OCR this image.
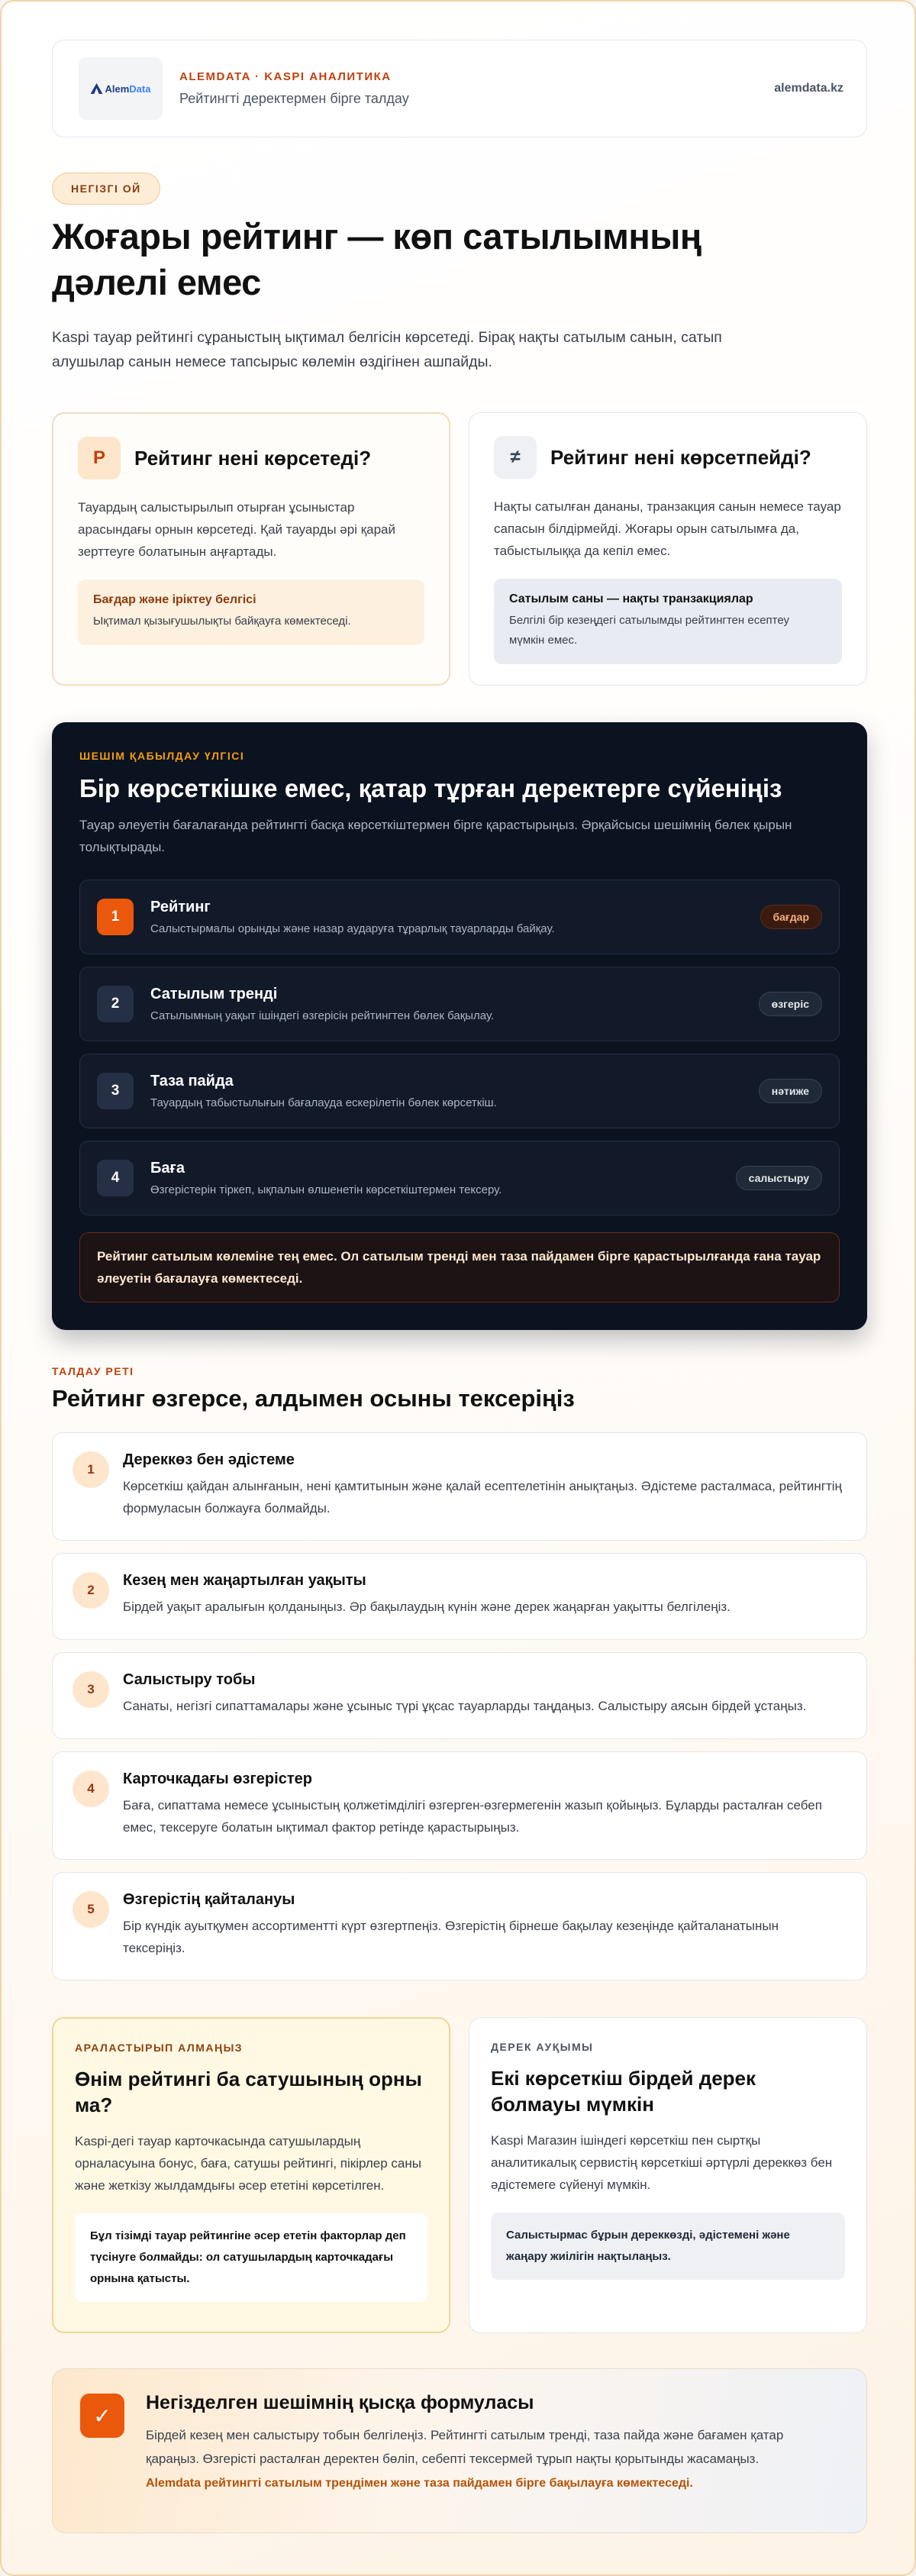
AlemData
ALEMDATA · KASPI АНАЛИТИКА
Рейтингті деректермен бірге талдау
alemdata.kz
НЕГІЗГІ ОЙ
Жоғары рейтинг — көп сатылымның
дәлелі емес
Kaspi тауар рейтингі сұраныстың ықтимал белгісін көрсетеді. Бірақ нақты сатылым санын, сатып алушылар санын немесе тапсырыс көлемін өздігінен ашпайды.
P	Рейтинг нені көрсетеді?
Тауардың салыстырылып отырған ұсыныстар арасындағы орнын көрсетеді. Қай тауарды әрі қарай зерттеуге болатынын аңғартады.
Бағдар және іріктеу белгісі
Ықтимал қызығушылықты байқауға көмектеседі.
≠	Рейтинг нені көрсетпейді?
Нақты сатылған дананы, транзакция санын немесе тауар сапасын білдірмейді. Жоғары орын сатылымға да, табыстылыққа да кепіл емес.
Сатылым саны — нақты транзакциялар
Белгілі бір кезеңдегі сатылымды рейтингтен есептеу мүмкін емес.
ШЕШІМ ҚАБЫЛДАУ ҮЛГІСІ
Бір көрсеткішке емес, қатар тұрған деректерге сүйеніңіз
Тауар әлеуетін бағалағанда рейтингті басқа көрсеткіштермен бірге қарастырыңыз. Әрқайсысы шешімнің бөлек қырын толықтырады.
1
Рейтинг
Салыстырмалы орынды және назар аударуға тұрарлық тауарларды байқау.
бағдар
2
Сатылым тренді
Сатылымның уақыт ішіндегі өзгерісін рейтингтен бөлек бақылау.
өзгеріс
3
Таза пайда
Тауардың табыстылығын бағалауда ескерілетін бөлек көрсеткіш.
нәтиже
4
Баға
Өзгерістерін тіркеп, ықпалын өлшенетін көрсеткіштермен тексеру.
салыстыру
Рейтинг сатылым көлеміне тең емес. Ол сатылым тренді мен таза пайдамен бірге қарастырылғанда ғана тауар әлеуетін бағалауға көмектеседі.
ТАЛДАУ РЕТІ
Рейтинг өзгерсе, алдымен осыны тексеріңіз
1
Дереккөз бен әдістеме
Көрсеткіш қайдан алынғанын, нені қамтитынын және қалай есептелетінін анықтаңыз. Әдістеме расталмаса, рейтингтің формуласын болжауға болмайды.
2
Кезең мен жаңартылған уақыты
Бірдей уақыт аралығын қолданыңыз. Әр бақылаудың күнін және дерек жаңарған уақытты белгілеңіз.
3
Салыстыру тобы
Санаты, негізгі сипаттамалары және ұсыныс түрі ұқсас тауарларды таңдаңыз. Салыстыру аясын бірдей ұстаңыз.
4
Карточкадағы өзгерістер
Баға, сипаттама немесе ұсыныстың қолжетімділігі өзгерген-өзгермегенін жазып қойыңыз. Бұларды расталған себеп емес, тексеруге болатын ықтимал фактор ретінде қарастырыңыз.
5
Өзгерістің қайталануы
Бір күндік ауытқумен ассортиментті күрт өзгертпеңіз. Өзгерістің бірнеше бақылау кезеңінде қайталанатынын тексеріңіз.
АРАЛАСТЫРЫП АЛМАҢЫЗ
Өнім рейтингі ба сатушының орны ма?
Kaspi-дегі тауар карточкасында сатушылардың орналасуына бонус, баға, сатушы рейтингі, пікірлер саны және жеткізу жылдамдығы әсер ететіні көрсетілген.
Бұл тізімді тауар рейтингіне әсер ететін факторлар деп түсінуге болмайды: ол сатушылардың карточкадағы орнына қатысты.
ДЕРЕК АУҚЫМЫ
Екі көрсеткіш бірдей дерек болмауы мүмкін
Kaspi Магазин ішіндегі көрсеткіш пен сыртқы аналитикалық сервистің көрсеткіші әртүрлі дереккөз бен әдістемеге сүйенуі мүмкін.
Салыстырмас бұрын дереккөзді, әдістемені және жаңару жиілігін нақтылаңыз.
✓
Негізделген шешімнің қысқа формуласы
Бірдей кезең мен салыстыру тобын белгілеңіз. Рейтингті сатылым тренді, таза пайда және бағамен қатар қараңыз. Өзгерісті расталған деректен бөліп, себепті тексермей тұрып нақты қорытынды жасамаңыз.
Alemdata рейтингті сатылым трендімен және таза пайдамен бірге бақылауға көмектеседі.
